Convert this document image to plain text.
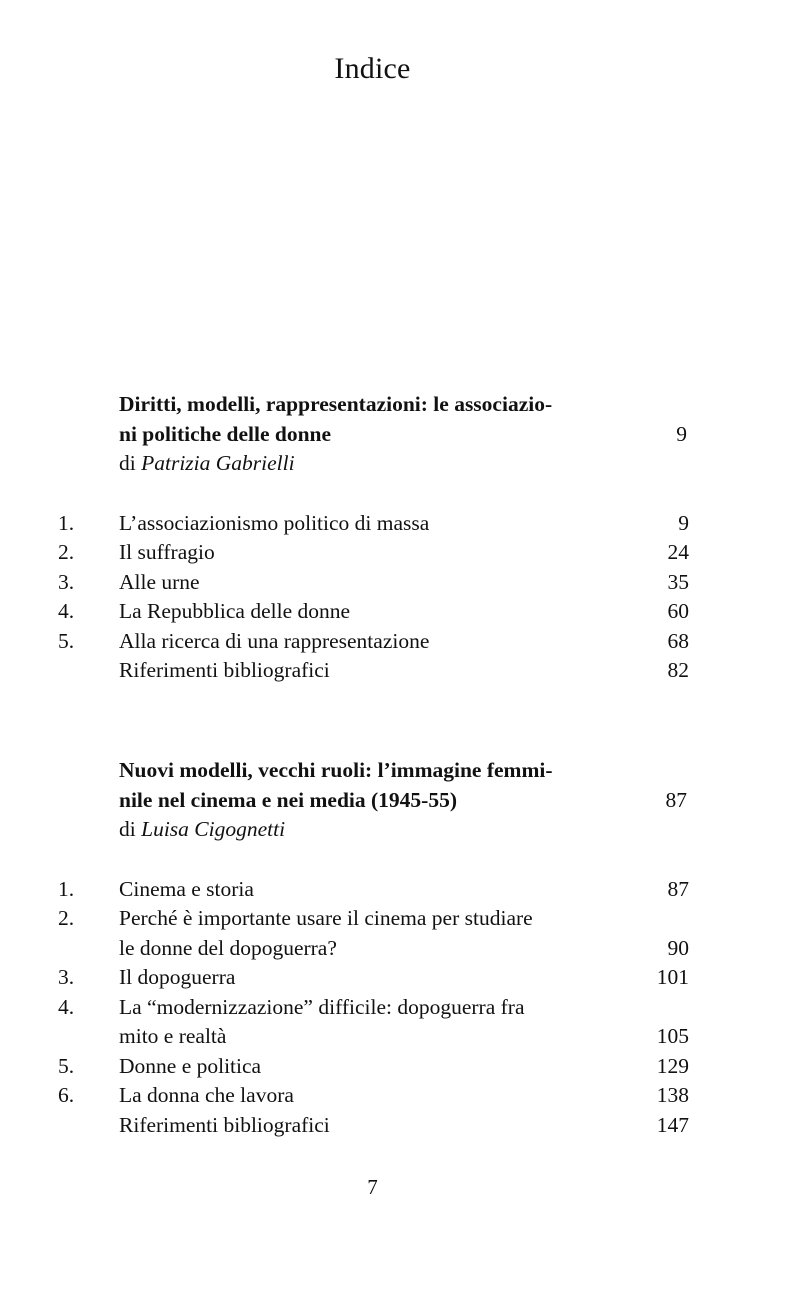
Indice
Diritti, modelli, rappresentazioni: le associazio-
ni politiche delle donne	9
di Patrizia Gabrielli
1.	L’associazionismo politico di massa	9
2.	Il suffragio	24
3.	Alle urne	35
4.	La Repubblica delle donne	60
5.	Alla ricerca di una rappresentazione	68
Riferimenti bibliografici	82
Nuovi modelli, vecchi ruoli: l’immagine femmi-
nile nel cinema e nei media (1945-55)	87
di Luisa Cigognetti
1.	Cinema e storia	87
2.	Perché è importante usare il cinema per studiare
le donne del dopoguerra?	90
3.	Il dopoguerra	101
4.	La “modernizzazione” difficile: dopoguerra fra
mito e realtà	105
5.	Donne e politica	129
6.	La donna che lavora	138
Riferimenti bibliografici	147
7
